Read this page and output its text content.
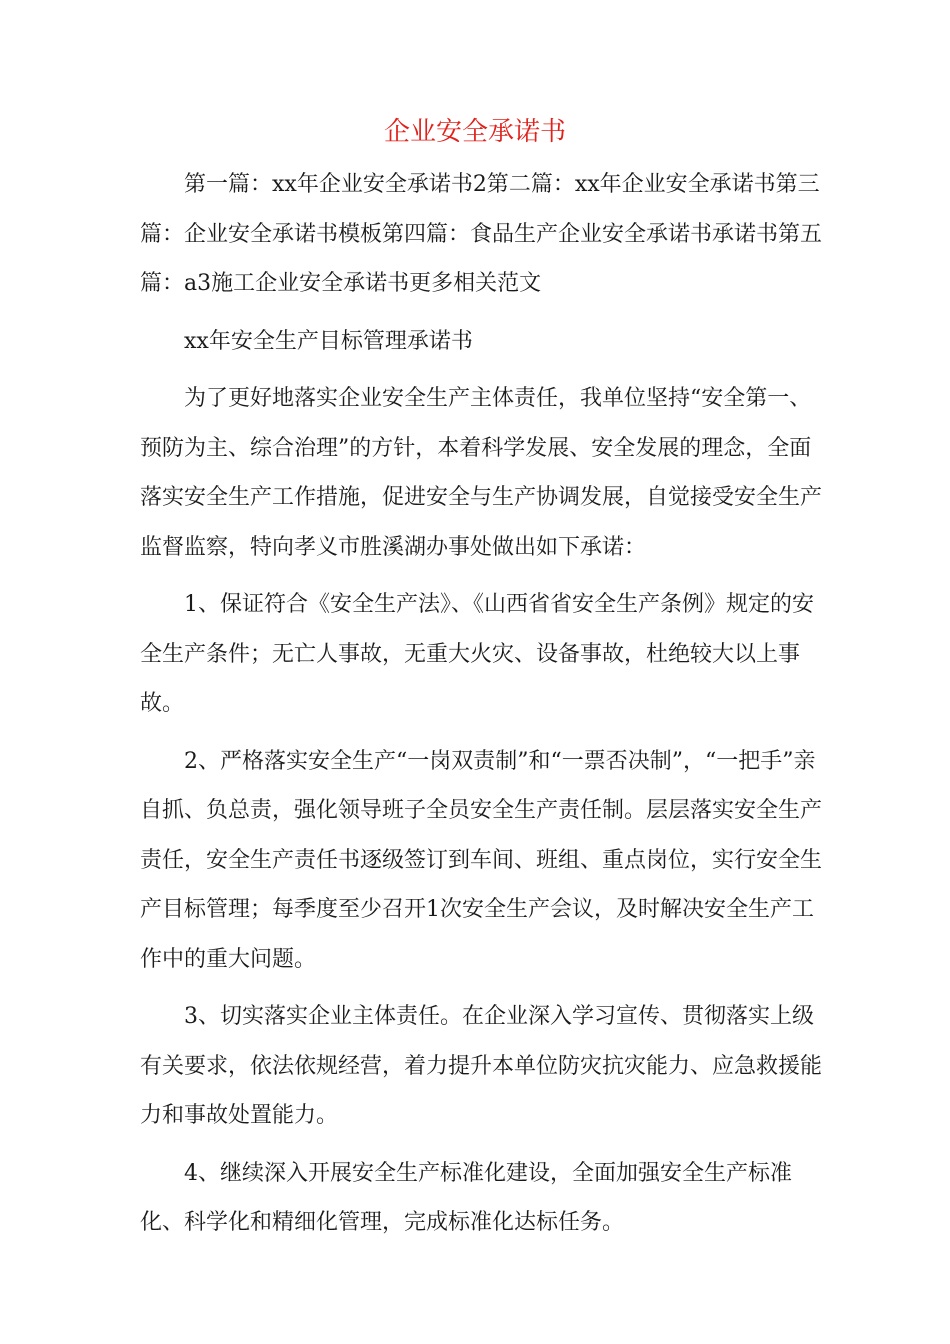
企业安全承诺书

第一篇：xx年企业安全承诺书2第二篇：xx年企业安全承诺书第三篇：企业安全承诺书模板第四篇：食品生产企业安全承诺书承诺书第五篇：a3施工企业安全承诺书更多相关范文

xx年安全生产目标管理承诺书

为了更好地落实企业安全生产主体责任，我单位坚持“安全第一、预防为主、综合治理”的方针，本着科学发展、安全发展的理念，全面落实安全生产工作措施，促进安全与生产协调发展，自觉接受安全生产监督监察，特向孝义市胜溪湖办事处做出如下承诺：

1、保证符合《安全生产法》、《山西省省安全生产条例》规定的安全生产条件；无亡人事故，无重大火灾、设备事故，杜绝较大以上事故。

2、严格落实安全生产“一岗双责制”和“一票否决制”，“一把手”亲自抓、负总责，强化领导班子全员安全生产责任制。层层落实安全生产责任，安全生产责任书逐级签订到车间、班组、重点岗位，实行安全生产目标管理；每季度至少召开1次安全生产会议，及时解决安全生产工作中的重大问题。

3、切实落实企业主体责任。在企业深入学习宣传、贯彻落实上级有关要求，依法依规经营，着力提升本单位防灾抗灾能力、应急救援能力和事故处置能力。

4、继续深入开展安全生产标准化建设，全面加强安全生产标准化、科学化和精细化管理，完成标准化达标任务。
